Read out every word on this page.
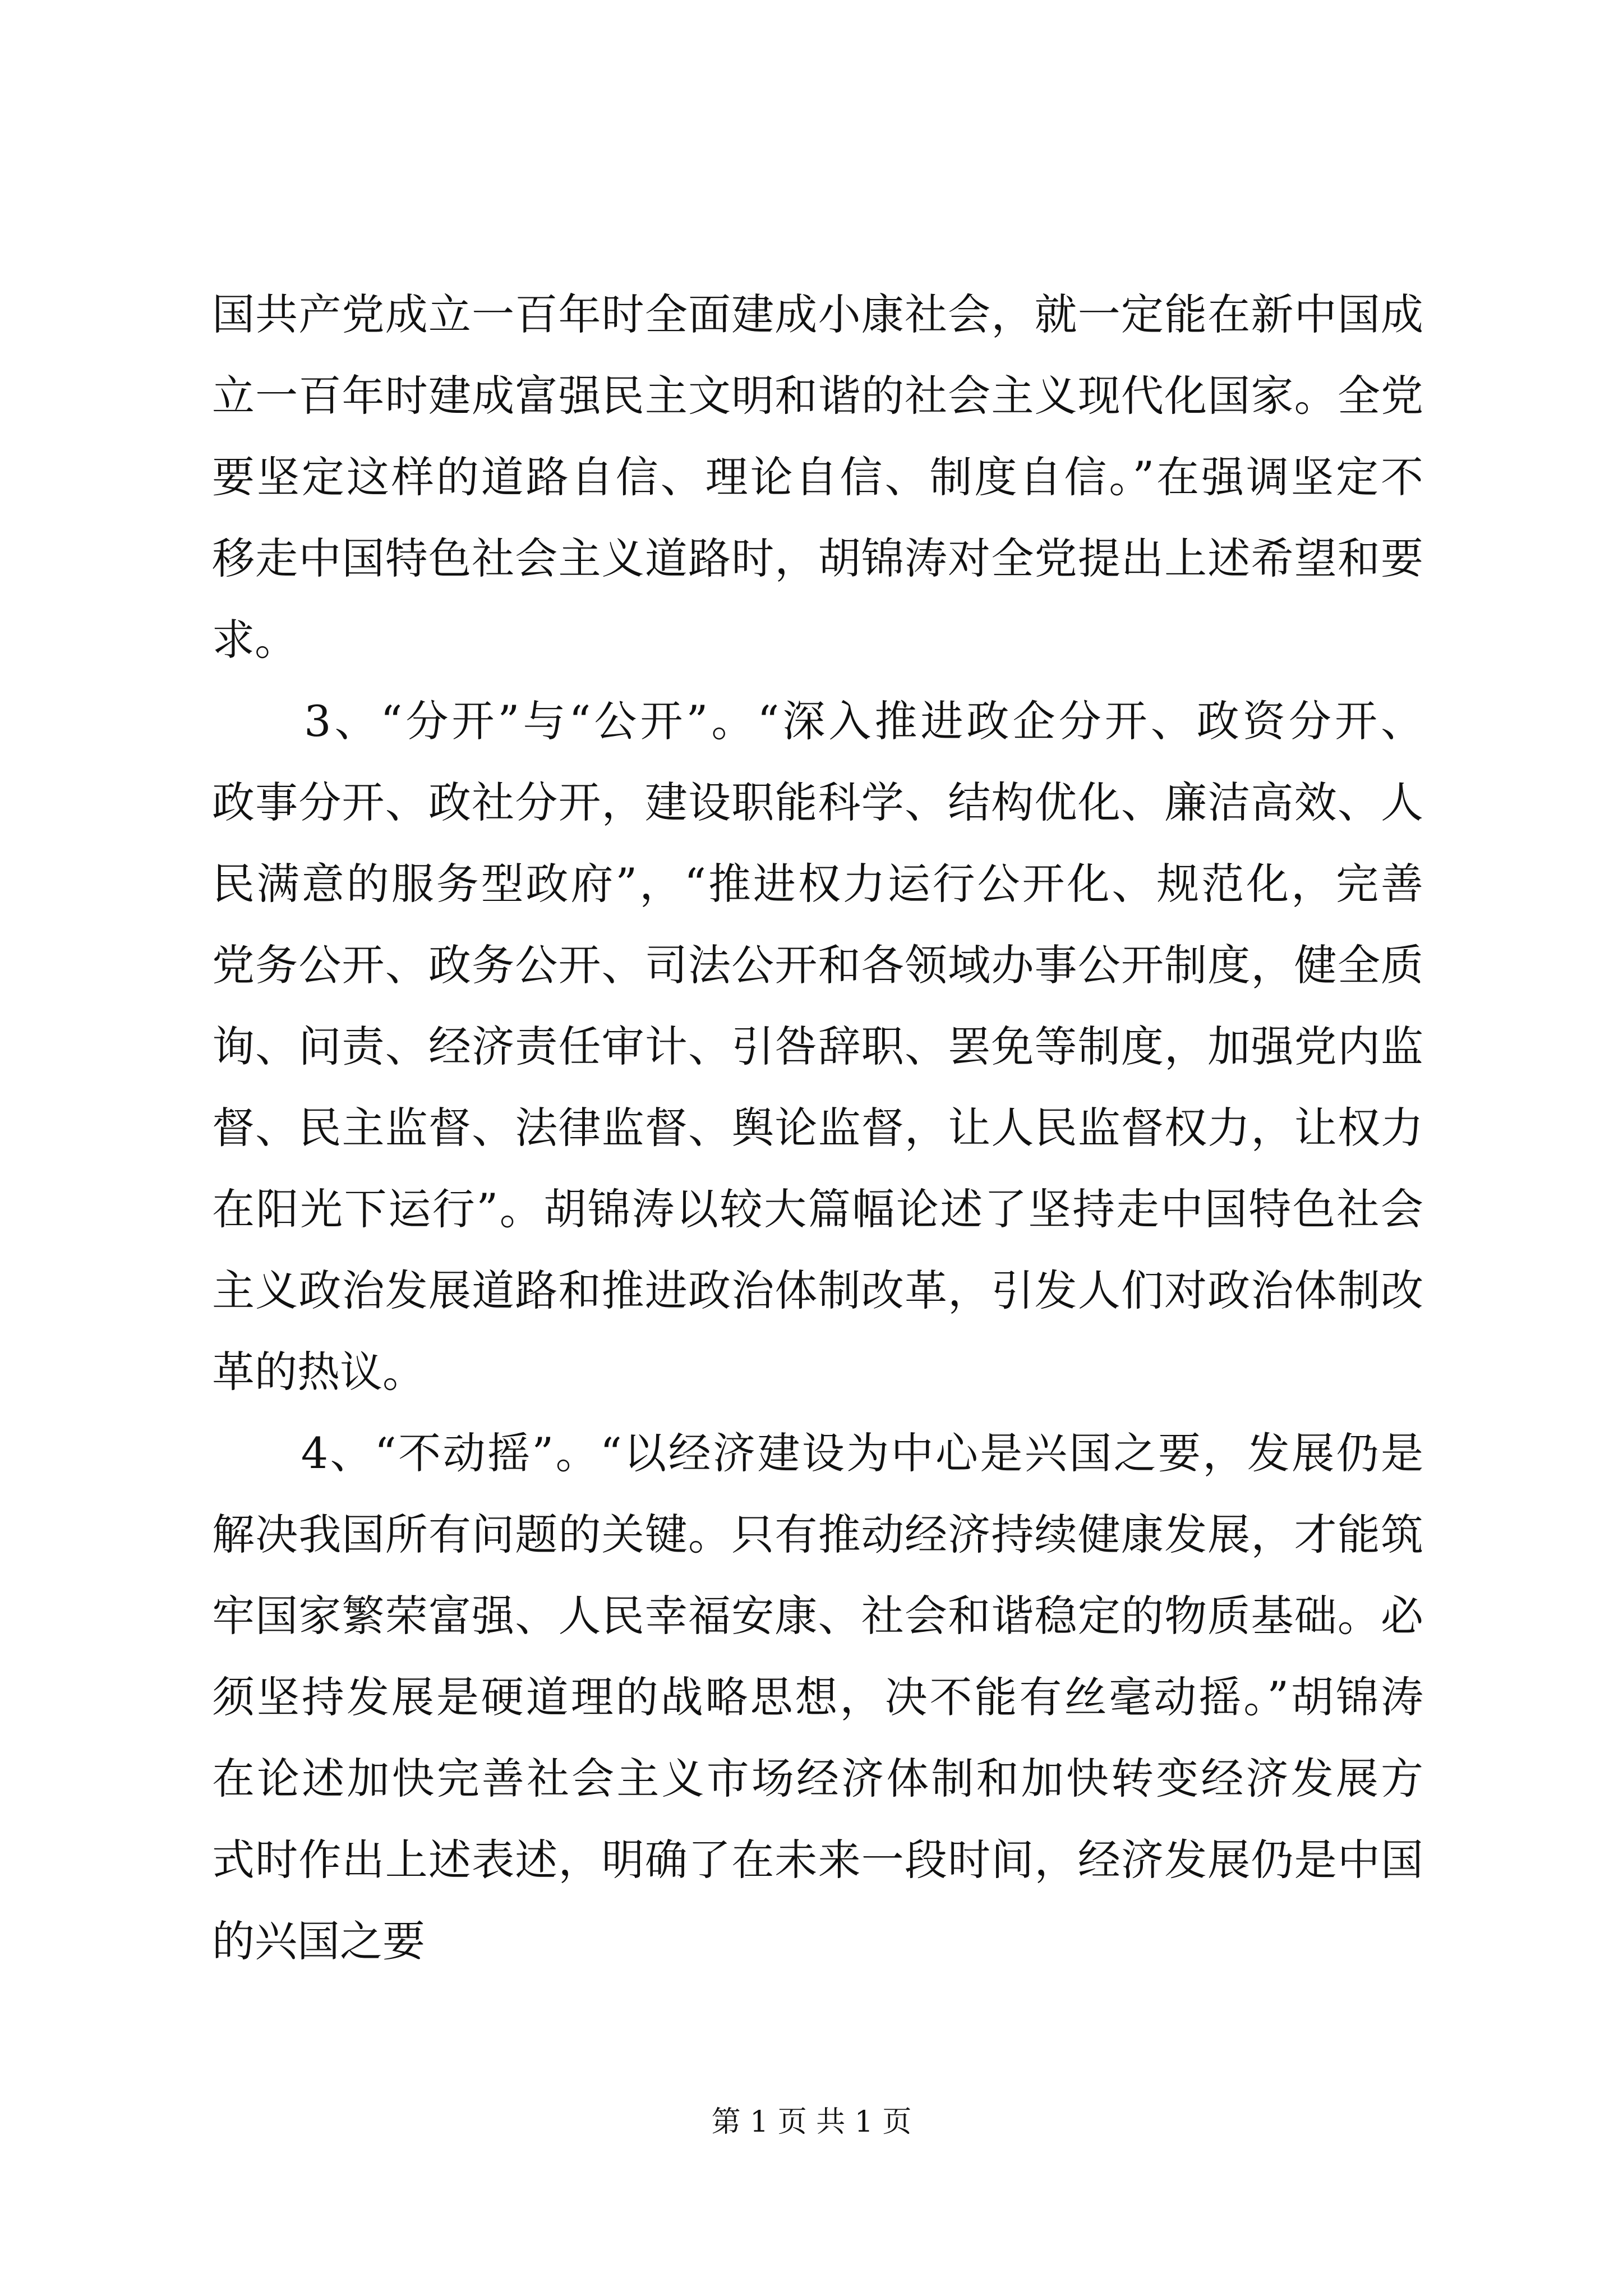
国共产党成立一百年时全面建成小康社会，就一定能在新中国成
立一百年时建成富强民主文明和谐的社会主义现代化国家。全党
要坚定这样的道路自信、理论自信、制度自信。”在强调坚定不
移走中国特色社会主义道路时，胡锦涛对全党提出上述希望和要
求。
　　3、“分开”与“公开”。“深入推进政企分开、政资分开、
政事分开、政社分开，建设职能科学、结构优化、廉洁高效、人
民满意的服务型政府”，“推进权力运行公开化、规范化，完善
党务公开、政务公开、司法公开和各领域办事公开制度，健全质
询、问责、经济责任审计、引咎辞职、罢免等制度，加强党内监
督、民主监督、法律监督、舆论监督，让人民监督权力，让权力
在阳光下运行”。胡锦涛以较大篇幅论述了坚持走中国特色社会
主义政治发展道路和推进政治体制改革，引发人们对政治体制改
革的热议。
　　4、“不动摇”。“以经济建设为中心是兴国之要，发展仍是
解决我国所有问题的关键。只有推动经济持续健康发展，才能筑
牢国家繁荣富强、人民幸福安康、社会和谐稳定的物质基础。必
须坚持发展是硬道理的战略思想，决不能有丝毫动摇。”胡锦涛
在论述加快完善社会主义市场经济体制和加快转变经济发展方
式时作出上述表述，明确了在未来一段时间，经济发展仍是中国
的兴国之要
第 1 页 共 1 页
